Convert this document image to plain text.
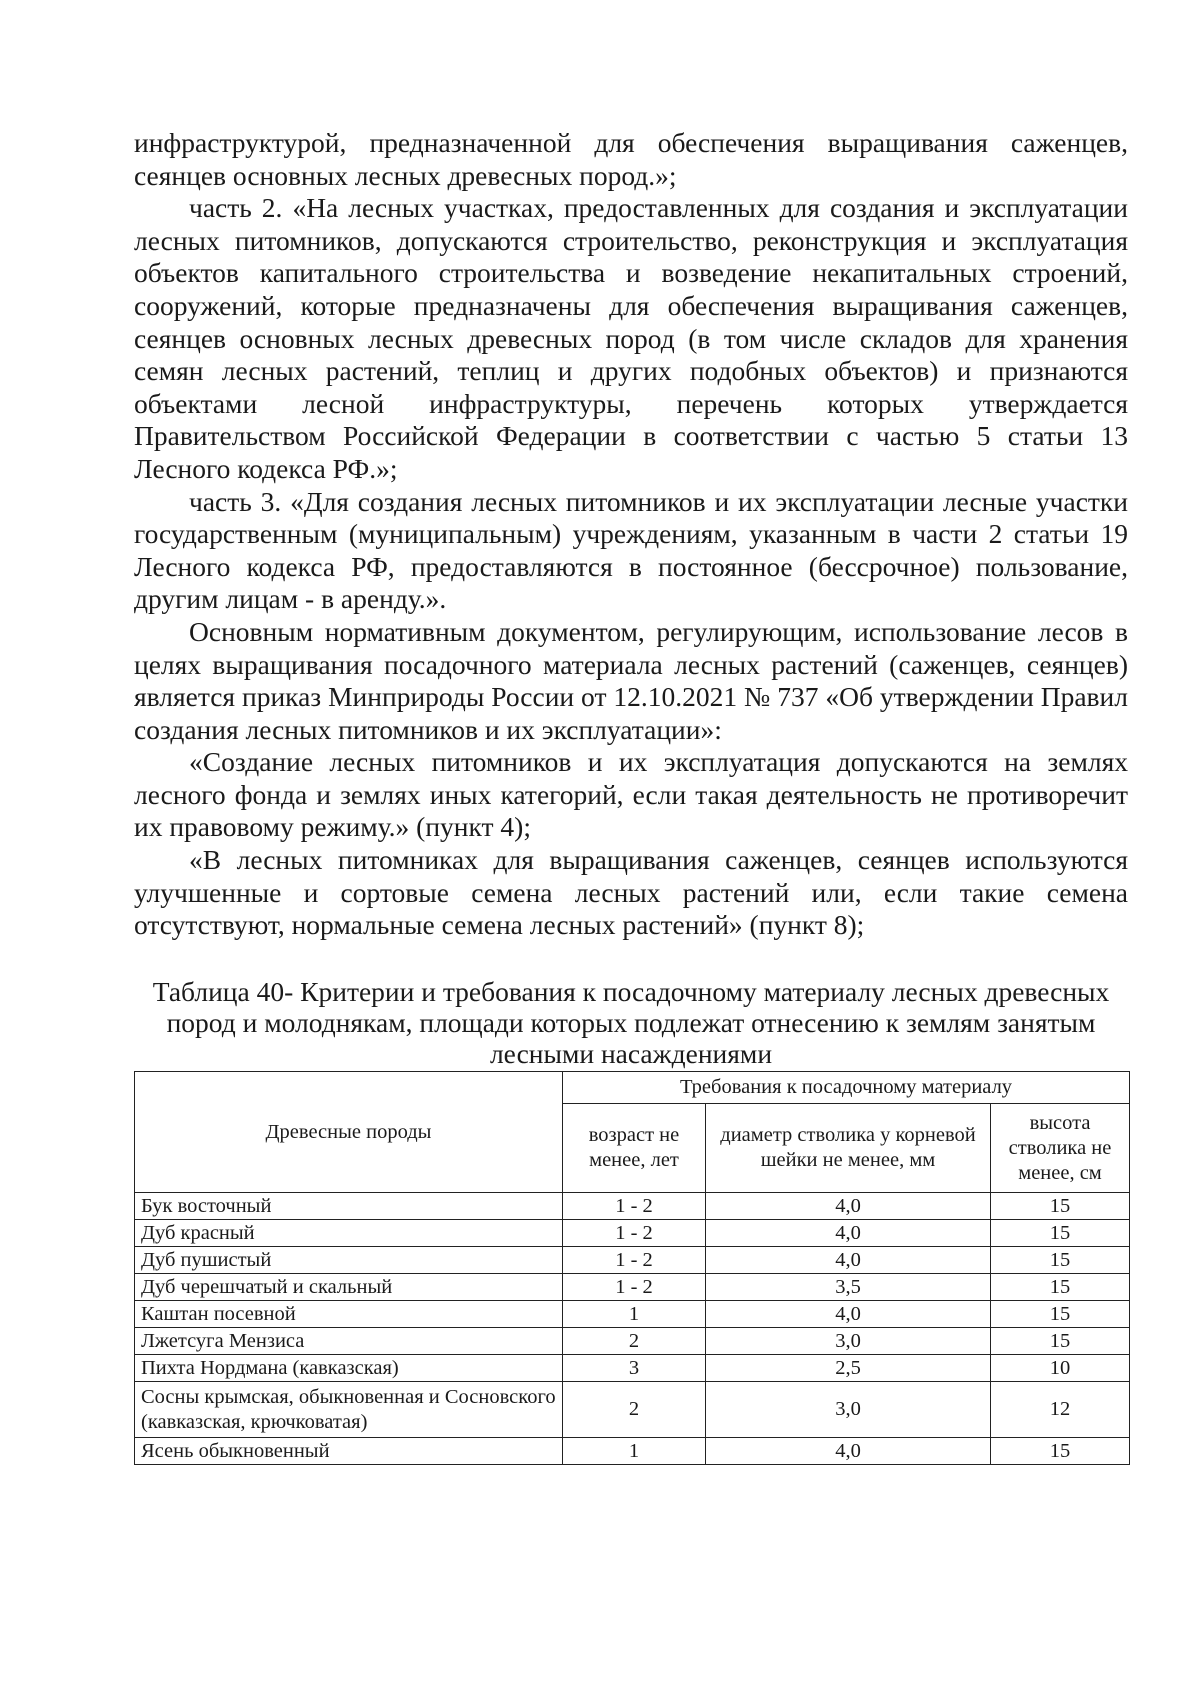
инфраструктурой, предназначенной для обеспечения выращивания саженцев, сеянцев основных лесных древесных пород.»;

часть 2. «На лесных участках, предоставленных для создания и эксплуатации лесных питомников, допускаются строительство, реконструкция и эксплуатация объектов капитального строительства и возведение некапитальных строений, сооружений, которые предназначены для обеспечения выращивания саженцев, сеянцев основных лесных древесных пород (в том числе складов для хранения семян лесных растений, теплиц и других подобных объектов) и признаются объектами лесной инфраструктуры, перечень которых утверждается Правительством Российской Федерации в соответствии с частью 5 статьи 13 Лесного кодекса РФ.»;

часть 3. «Для создания лесных питомников и их эксплуатации лесные участки государственным (муниципальным) учреждениям, указанным в части 2 статьи 19 Лесного кодекса РФ, предоставляются в постоянное (бессрочное) пользование, другим лицам - в аренду.».

Основным нормативным документом, регулирующим, использование лесов в целях выращивания посадочного материала лесных растений (саженцев, сеянцев) является приказ Минприроды России от 12.10.2021 № 737 «Об утверждении Правил создания лесных питомников и их эксплуатации»:

«Создание лесных питомников и их эксплуатация допускаются на землях лесного фонда и землях иных категорий, если такая деятельность не противоречит их правовому режиму.» (пункт 4);

«В лесных питомниках для выращивания саженцев, сеянцев используются улучшенные и сортовые семена лесных растений или, если такие семена отсутствуют, нормальные семена лесных растений» (пункт 8);

Таблица 40- Критерии и требования к посадочному материалу лесных древесных

пород и молоднякам, площади которых подлежат отнесению к землям занятым

лесными насаждениями

Древесные породы	Требования к посадочному материалу		
	возраст не менее, лет	диаметр стволика у корневой шейки не менее, мм	высота стволика не менее, см
Бук восточный	1 - 2	4,0	15
Дуб красный	1 - 2	4,0	15
Дуб пушистый	1 - 2	4,0	15
Дуб черешчатый и скальный	1 - 2	3,5	15
Каштан посевной	1	4,0	15
Лжетсуга Мензиса	2	3,0	15
Пихта Нордмана (кавказская)	3	2,5	10
Сосны крымская, обыкновенная и Сосновского (кавказская, крючковатая)	2	3,0	12
Ясень обыкновенный	1	4,0	15
